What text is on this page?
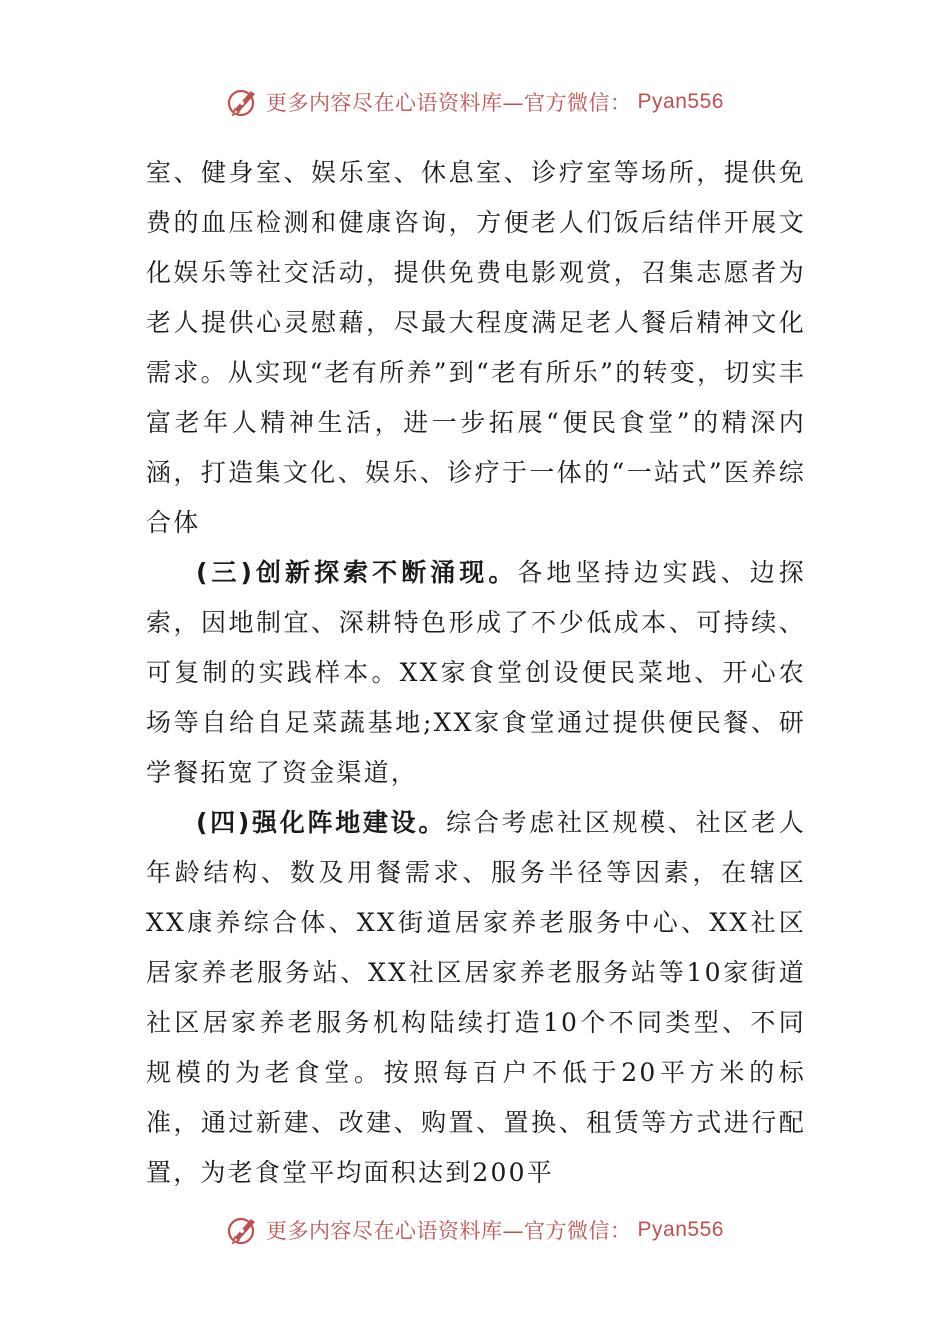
更多内容尽在心语资料库—官方微信： Pyan556

室、健身室、娱乐室、休息室、诊疗室等场所，提供免费的血压检测和健康咨询，方便老人们饭后结伴开展文化娱乐等社交活动，提供免费电影观赏，召集志愿者为老人提供心灵慰藉，尽最大程度满足老人餐后精神文化需求。从实现“老有所养”到“老有所乐”的转变，切实丰富老年人精神生活，进一步拓展“便民食堂”的精深内涵，打造集文化、娱乐、诊疗于一体的“一站式”医养综合体

(三)创新探索不断涌现。各地坚持边实践、边探索，因地制宜、深耕特色形成了不少低成本、可持续、可复制的实践样本。XX家食堂创设便民菜地、开心农场等自给自足菜蔬基地;XX家食堂通过提供便民餐、研学餐拓宽了资金渠道，

(四)强化阵地建设。综合考虑社区规模、社区老人年龄结构、数及用餐需求、服务半径等因素，在辖区XX康养综合体、XX街道居家养老服务中心、XX社区居家养老服务站、XX社区居家养老服务站等10家街道社区居家养老服务机构陆续打造10个不同类型、不同规模的为老食堂。按照每百户不低于20平方米的标准，通过新建、改建、购置、置换、租赁等方式进行配置，为老食堂平均面积达到200平

更多内容尽在心语资料库—官方微信： Pyan556
